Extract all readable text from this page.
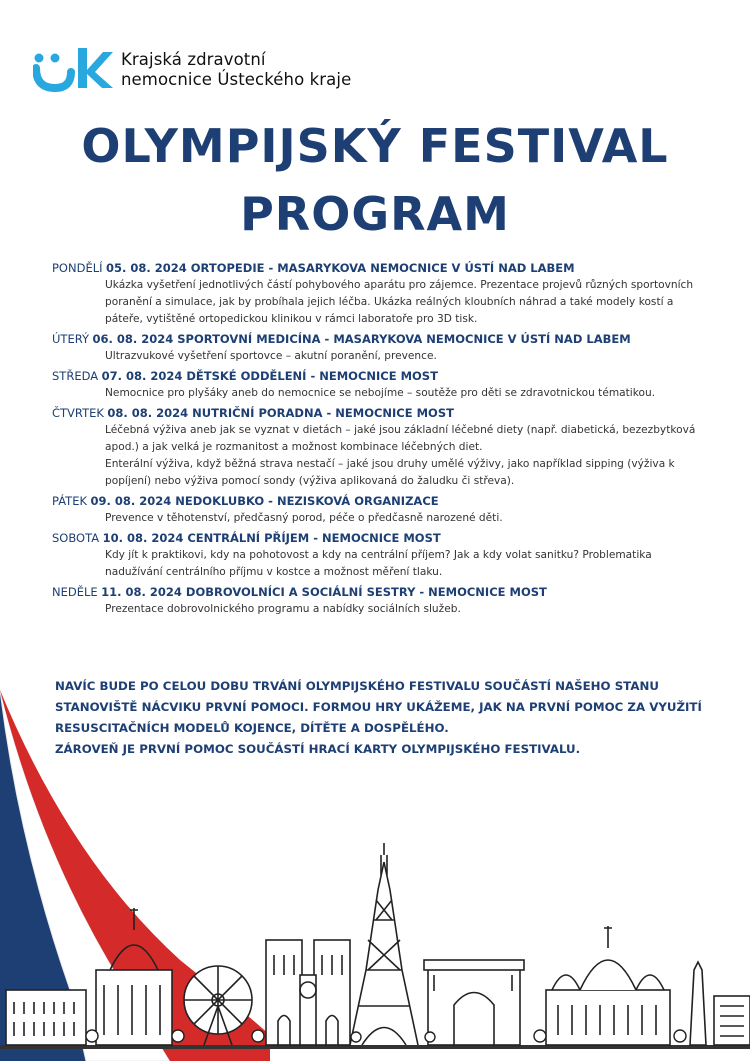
Krajská zdravotní
nemocnice Ústeckého kraje
OLYMPIJSKÝ FESTIVAL
PROGRAM
PONDĚLÍ 05. 08. 2024 ORTOPEDIE - MASARYKOVA NEMOCNICE V ÚSTÍ NAD LABEM
Ukázka vyšetření jednotlivých částí pohybového aparátu pro zájemce. Prezentace projevů různých sportovních
poranění a simulace, jak by probíhala jejich léčba. Ukázka reálných kloubních náhrad a také modely kostí a
páteře, vytištěné ortopedickou klinikou v rámci laboratoře pro 3D tisk.
ÚTERÝ 06. 08. 2024 SPORTOVNÍ MEDICÍNA - MASARYKOVA NEMOCNICE V ÚSTÍ NAD LABEM
Ultrazvukové vyšetření sportovce – akutní poranění, prevence.
STŘEDA 07. 08. 2024 DĚTSKÉ ODDĚLENÍ - NEMOCNICE MOST
Nemocnice pro plyšáky aneb do nemocnice se nebojíme – soutěže pro děti se zdravotnickou tématikou.
ČTVRTEK 08. 08. 2024 NUTRIČNÍ PORADNA - NEMOCNICE MOST
Léčebná výživa aneb jak se vyznat v dietách – jaké jsou základní léčebné diety (např. diabetická, bezezbytková
apod.) a jak velká je rozmanitost a možnost kombinace léčebných diet.
Enterální výživa, když běžná strava nestačí – jaké jsou druhy umělé výživy, jako například sipping (výživa k
popíjení) nebo výživa pomocí sondy (výživa aplikovaná do žaludku či střeva).
PÁTEK 09. 08. 2024 NEDOKLUBKO - NEZISKOVÁ ORGANIZACE
Prevence v těhotenství, předčasný porod, péče o předčasně narozené děti.
SOBOTA 10. 08. 2024 CENTRÁLNÍ PŘÍJEM - NEMOCNICE MOST
Kdy jít k praktikovi, kdy na pohotovost a kdy na centrální příjem? Jak a kdy volat sanitku? Problematika
nadužívání centrálního příjmu v kostce a možnost měření tlaku.
NEDĚLE 11. 08. 2024 DOBROVOLNÍCI A SOCIÁLNÍ SESTRY - NEMOCNICE MOST
Prezentace dobrovolnického programu a nabídky sociálních služeb.

NAVÍC BUDE PO CELOU DOBU TRVÁNÍ OLYMPIJSKÉHO FESTIVALU SOUČÁSTÍ NAŠEHO STANU

STANOVIŠTĚ NÁCVIKU PRVNÍ POMOCI. FORMOU HRY UKÁŽEME, JAK NA PRVNÍ POMOC ZA VYUŽITÍ

RESUSCITAČNÍCH MODELŮ KOJENCE, DÍTĚTE A DOSPĚLÉHO.

ZÁROVEŇ JE PRVNÍ POMOC SOUČÁSTÍ HRACÍ KARTY OLYMPIJSKÉHO FESTIVALU.
